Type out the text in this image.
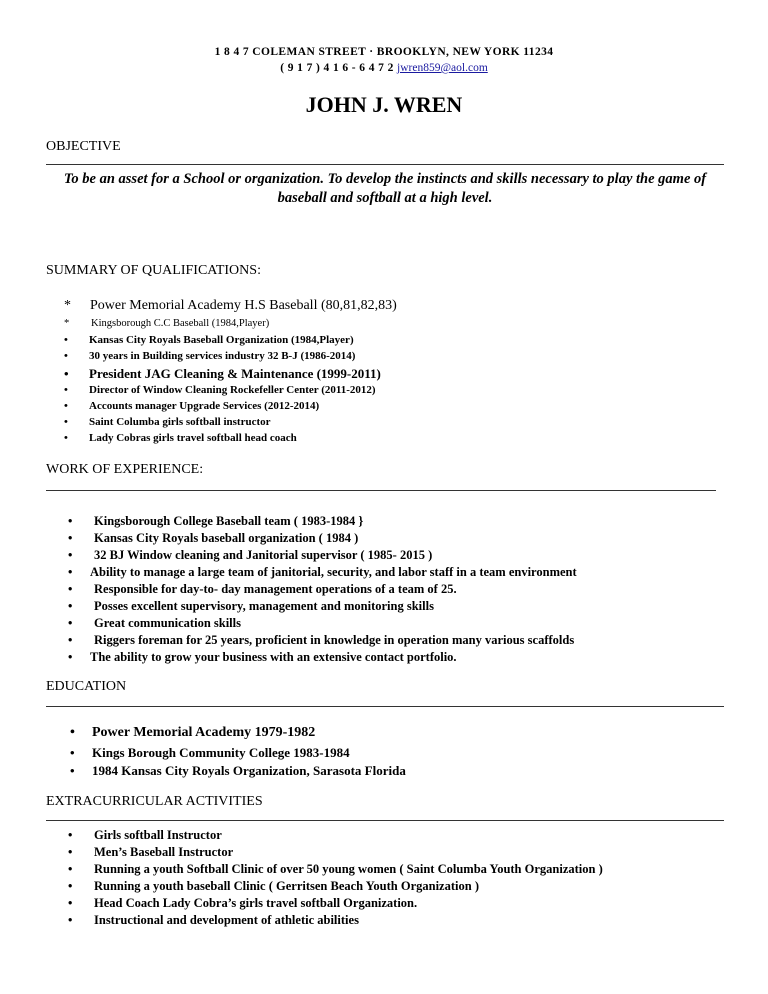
1 8 4 7 COLEMAN STREET · BROOKLYN, NEW YORK 11234
( 9 1 7 ) 4 1 6 - 6 4 7 2 jwren859@aol.com
JOHN J. WREN
OBJECTIVE
To be an asset for a School or organization. To develop the instincts and skills necessary to play the game of baseball and softball at a high level.
SUMMARY OF QUALIFICATIONS:
* Power Memorial Academy H.S Baseball (80,81,82,83)
* Kingsborough C.C Baseball (1984,Player)
• Kansas City Royals Baseball Organization (1984,Player)
• 30 years in Building services industry 32 B-J (1986-2014)
• President JAG Cleaning & Maintenance (1999-2011)
• Director of Window Cleaning Rockefeller Center (2011-2012)
• Accounts manager Upgrade Services (2012-2014)
• Saint Columba girls softball instructor
• Lady Cobras girls travel softball head coach
WORK OF EXPERIENCE:
• Kingsborough College Baseball team ( 1983-1984 }
• Kansas City Royals baseball organization ( 1984 )
• 32 BJ Window cleaning and Janitorial supervisor ( 1985- 2015 )
• Ability to manage a large team of janitorial, security, and labor staff in a team environment
• Responsible for day-to- day management operations of a team of 25.
• Posses excellent supervisory, management and monitoring skills
• Great communication skills
• Riggers foreman for 25 years, proficient in knowledge in operation many various scaffolds
• The ability to grow your business with an extensive contact portfolio.
EDUCATION
• Power Memorial Academy 1979-1982
• Kings Borough Community College 1983-1984
• 1984 Kansas City Royals Organization, Sarasota Florida
EXTRACURRICULAR ACTIVITIES
• Girls softball Instructor
• Men’s Baseball Instructor
• Running a youth Softball Clinic of over 50 young women ( Saint Columba Youth Organization )
• Running a youth baseball Clinic ( Gerritsen Beach Youth Organization )
• Head Coach Lady Cobra’s girls travel softball Organization.
• Instructional and development of athletic abilities
